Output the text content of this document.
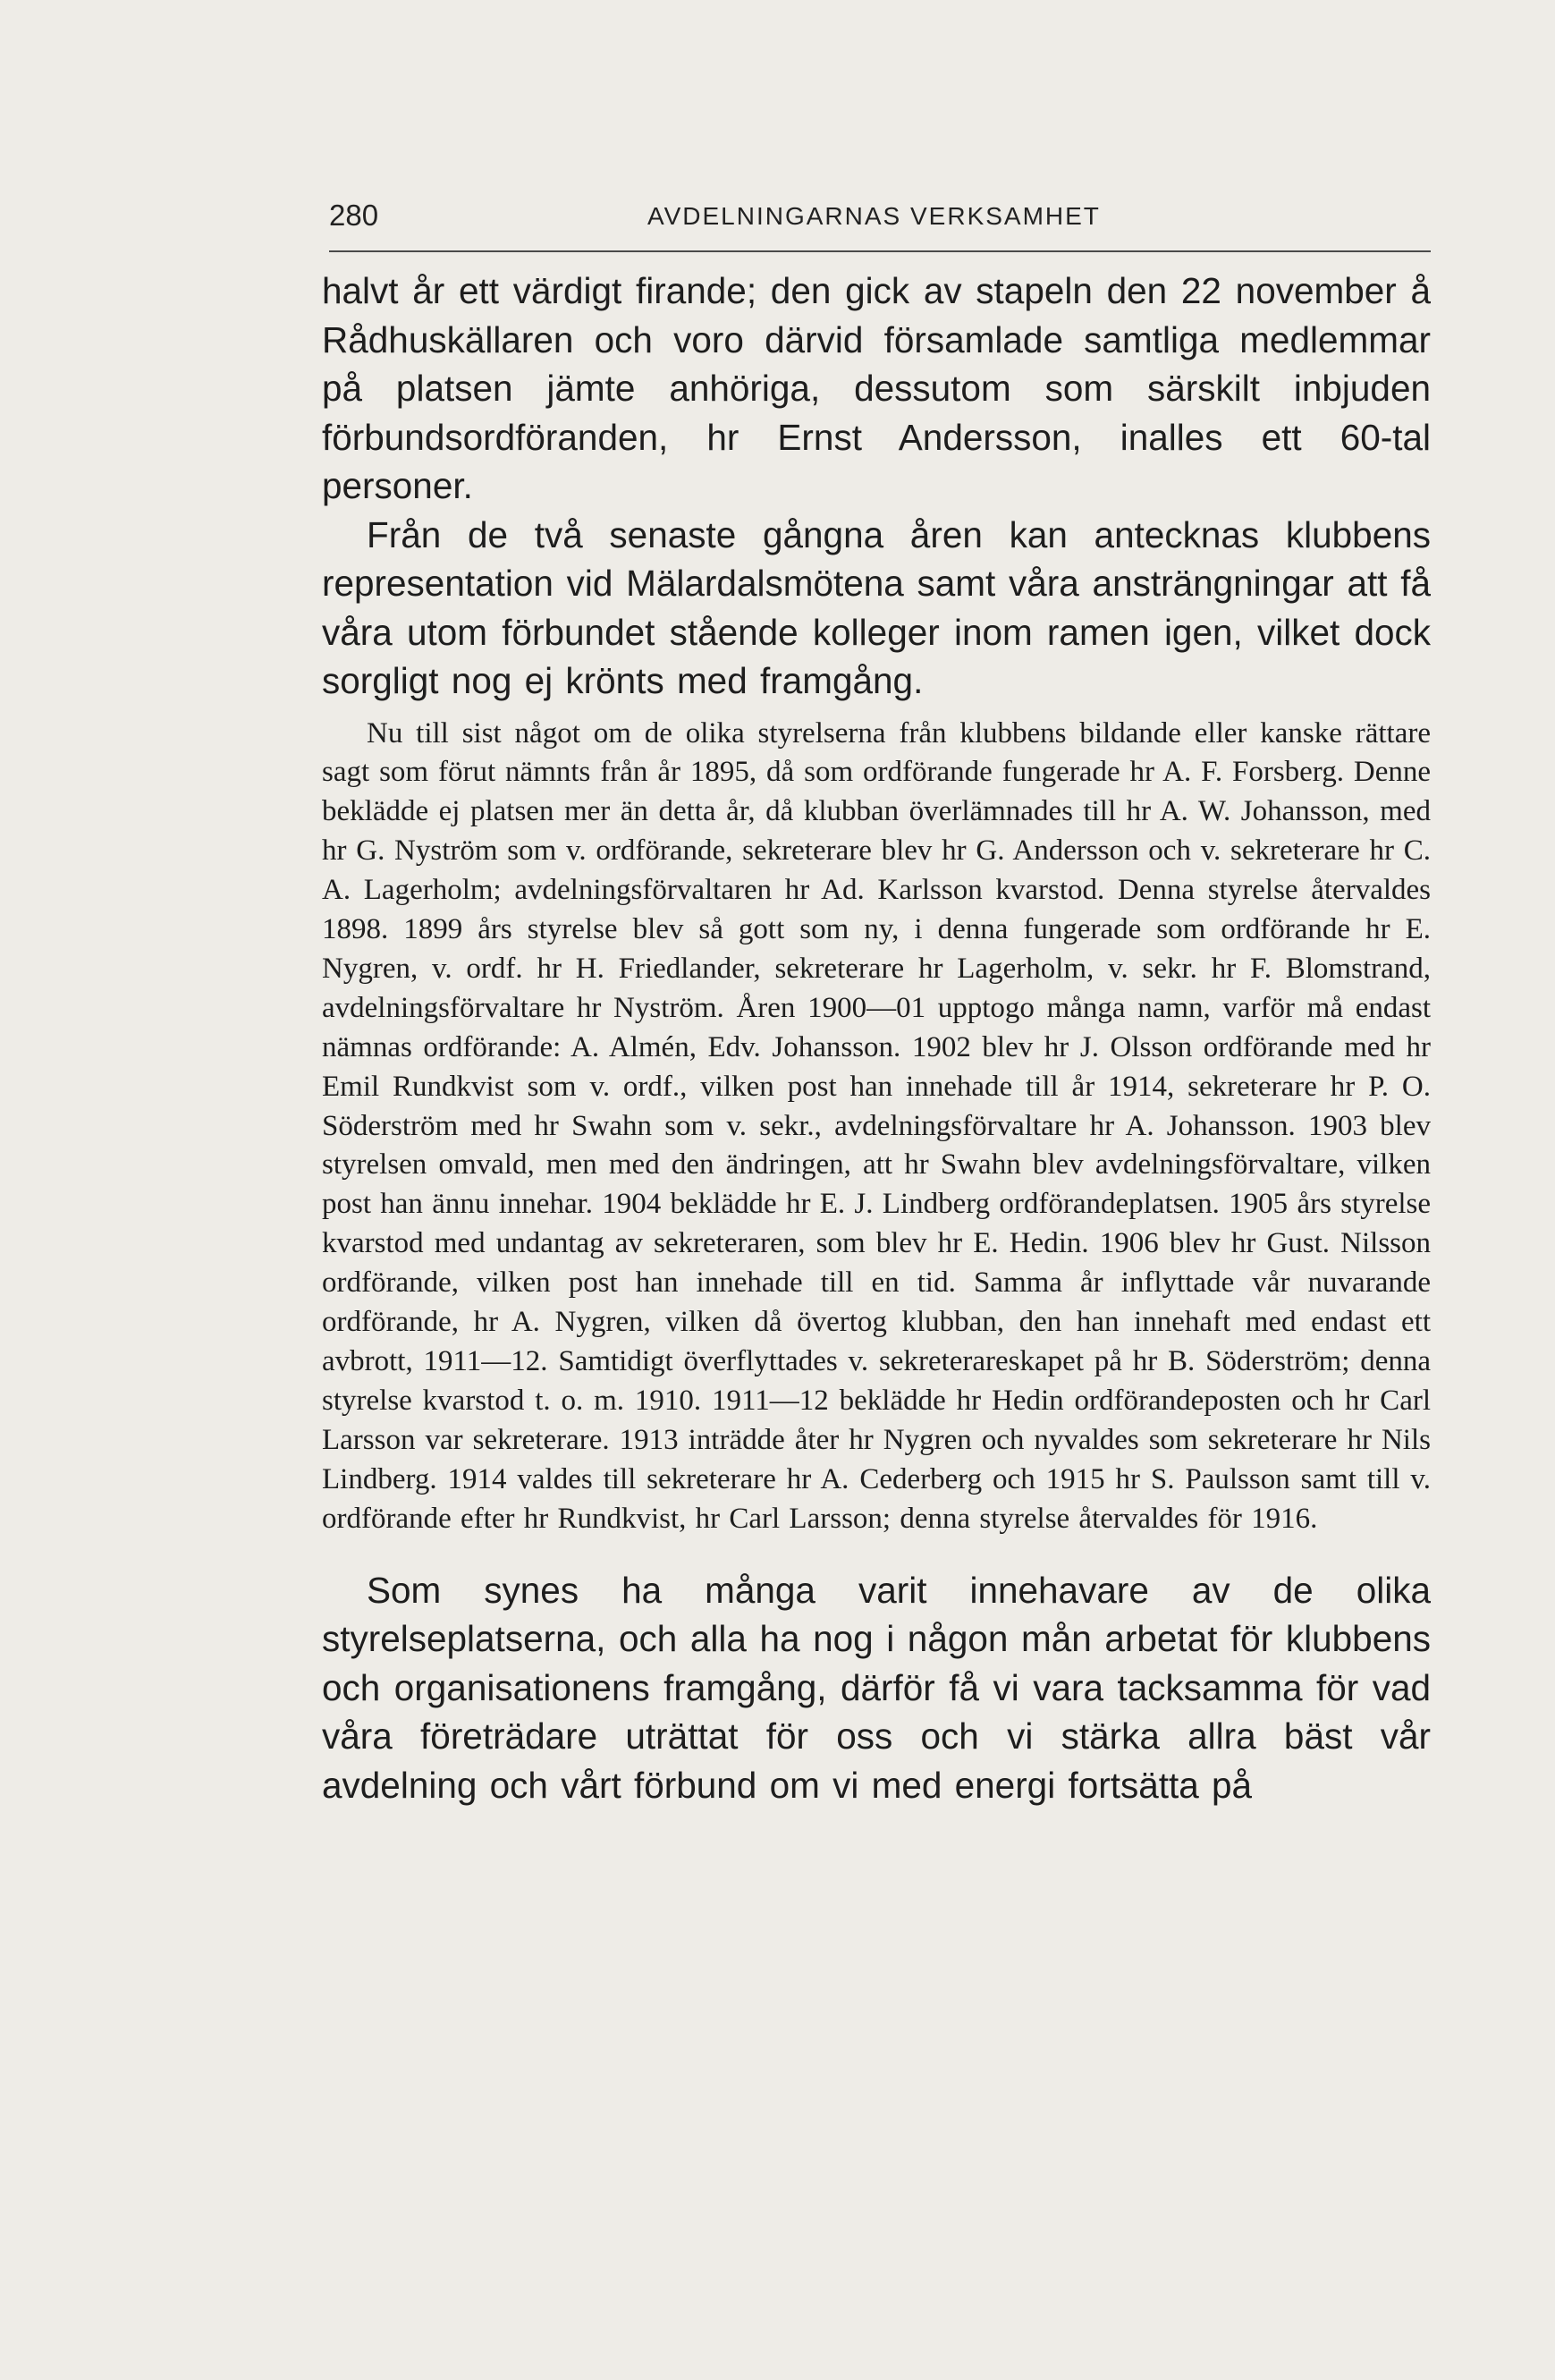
280	AVDELNINGARNAS VERKSAMHET

halvt år ett värdigt firande; den gick av stapeln den 22 november å Rådhuskällaren och voro därvid församlade samtliga medlemmar på platsen jämte anhöriga, dessutom som särskilt inbjuden förbundsordföranden, hr Ernst Andersson, inalles ett 60-tal personer.

Från de två senaste gångna åren kan antecknas klubbens representation vid Mälardalsmötena samt våra ansträngningar att få våra utom förbundet stående kolleger inom ramen igen, vilket dock sorgligt nog ej krönts med framgång.

Nu till sist något om de olika styrelserna från klubbens bildande eller kanske rättare sagt som förut nämnts från år 1895, då som ordförande fungerade hr A. F. Forsberg. Denne beklädde ej platsen mer än detta år, då klubban överlämnades till hr A. W. Johansson, med hr G. Nyström som v. ordförande, sekreterare blev hr G. Andersson och v. sekreterare hr C. A. Lagerholm; avdelningsförvaltaren hr Ad. Karlsson kvarstod. Denna styrelse återvaldes 1898. 1899 års styrelse blev så gott som ny, i denna fungerade som ordförande hr E. Nygren, v. ordf. hr H. Friedlander, sekreterare hr Lagerholm, v. sekr. hr F. Blomstrand, avdelningsförvaltare hr Nyström. Åren 1900—01 upptogo många namn, varför må endast nämnas ordförande: A. Almén, Edv. Johansson. 1902 blev hr J. Olsson ordförande med hr Emil Rundkvist som v. ordf., vilken post han innehade till år 1914, sekreterare hr P. O. Söderström med hr Swahn som v. sekr., avdelningsförvaltare hr A. Johansson. 1903 blev styrelsen omvald, men med den ändringen, att hr Swahn blev avdelningsförvaltare, vilken post han ännu innehar. 1904 beklädde hr E. J. Lindberg ordförandeplatsen. 1905 års styrelse kvarstod med undantag av sekreteraren, som blev hr E. Hedin. 1906 blev hr Gust. Nilsson ordförande, vilken post han innehade till en tid. Samma år inflyttade vår nuvarande ordförande, hr A. Nygren, vilken då övertog klubban, den han innehaft med endast ett avbrott, 1911—12. Samtidigt överflyttades v. sekreterareskapet på hr B. Söderström; denna styrelse kvarstod t. o. m. 1910. 1911—12 beklädde hr Hedin ordförandeposten och hr Carl Larsson var sekreterare. 1913 inträdde åter hr Nygren och nyvaldes som sekreterare hr Nils Lindberg. 1914 valdes till sekreterare hr A. Cederberg och 1915 hr S. Paulsson samt till v. ordförande efter hr Rundkvist, hr Carl Larsson; denna styrelse återvaldes för 1916.

Som synes ha många varit innehavare av de olika styrelseplatserna, och alla ha nog i någon mån arbetat för klubbens och organisationens framgång, därför få vi vara tacksamma för vad våra företrädare uträttat för oss och vi stärka allra bäst vår avdelning och vårt förbund om vi med energi fortsätta på
